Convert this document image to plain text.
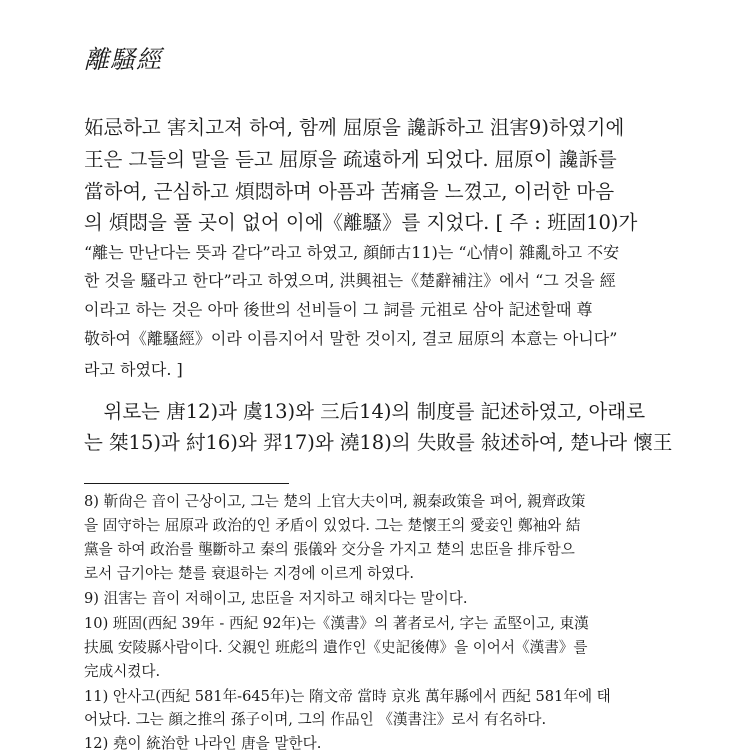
離騷經
妬忌하고 害치고져 하여, 함께 屈原을 讒訴하고 沮害9)하였기에
王은 그들의 말을 듣고 屈原을 疏遠하게 되었다. 屈原이 讒訴를
當하여, 근심하고 煩悶하며 아픔과 苦痛을 느꼈고, 이러한 마음
의 煩悶을 풀 곳이 없어 이에《離騷》를 지었다. [ 주 : 班固10)가
“離는 만난다는 뜻과 같다”라고 하였고, 顔師古11)는 “心情이 雜亂하고 不安
한 것을 騷라고 한다”라고 하였으며, 洪興祖는《楚辭補注》에서 “그 것을 經
이라고 하는 것은 아마 後世의 선비들이 그 詞를 元祖로 삼아 記述할때 尊
敬하여《離騷經》이라 이름지어서 말한 것이지, 결코 屈原의 本意는 아니다”
라고 하였다. ]
　위로는 唐12)과 虞13)와 三后14)의 制度를 記述하였고, 아래로
는 桀15)과 紂16)와 羿17)와 澆18)의 失敗를 敍述하여, 楚나라 懷王
8) 靳尙은 音이 근상이고, 그는 楚의 上官大夫이며, 親秦政策을 펴어, 親齊政策
을 固守하는 屈原과 政治的인 矛盾이 있었다. 그는 楚懷王의 愛妾인 鄭袖와 結
黨을 하여 政治를 壟斷하고 秦의 張儀와 交分을 가지고 楚의 忠臣을 排斥함으
로서 급기야는 楚를 衰退하는 지경에 이르게 하였다.
9) 沮害는 音이 저해이고, 忠臣을 저지하고 해치다는 말이다.
10) 班固(西紀 39年 - 西紀 92年)는《漢書》의 著者로서, 字는 孟堅이고, 東漢
扶風 安陵縣사람이다. 父親인 班彪의 遺作인《史記後傳》을 이어서《漢書》를
完成시켰다.
11) 안사고(西紀 581年-645年)는 隋文帝 當時 京兆 萬年縣에서 西紀 581年에 태
어났다. 그는 顔之推의 孫子이며, 그의 作品인 《漢書注》로서 有名하다.
12) 堯이 統治한 나라인 唐을 말한다.
